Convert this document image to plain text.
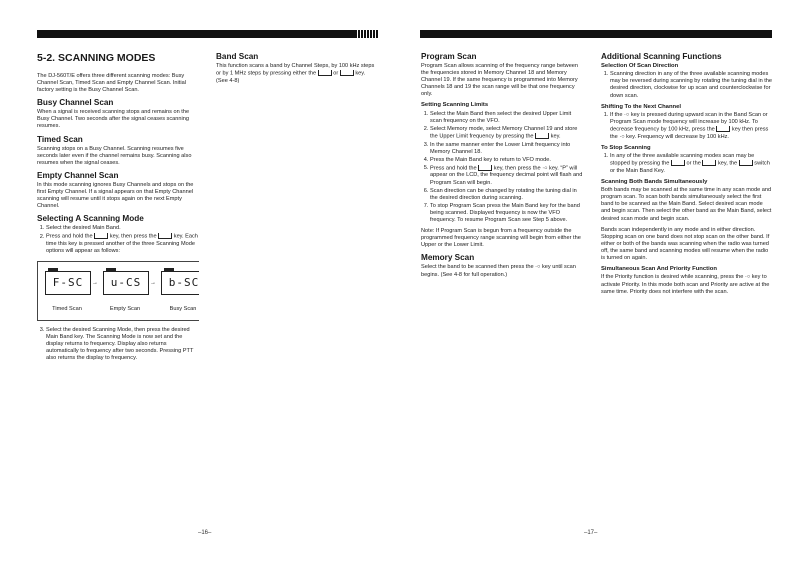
5-2. SCANNING MODES

The DJ-560T/E offers three different scanning modes: Busy Channel Scan, Timed Scan and Empty Channel Scan. Initial factory setting is the Busy Channel Scan.

Busy Channel Scan

When a signal is received scanning stops and remains on the Busy Channel. Two seconds after the signal ceases scanning resumes.

Timed Scan

Scanning stops on a Busy Channel. Scanning resumes five seconds later even if the channel remains busy. Scanning also resumes when the signal ceases.

Empty Channel Scan

In this mode scanning ignores Busy Channels and stops on the first Empty Channel. If a signal appears on that Empty Channel scanning will resume until it stops again on the next Empty Channel.

Selecting A Scanning Mode
1. Select the desired Main Band.
2. Press and hold the	key, then press the	key. Each time this key is pressed another of the three Scanning Mode options will appear as follows:
F-SC	→	u-CS	→	b-SC
Timed Scan	Empty Scan	Busy Scan
3. Select the desired Scanning Mode, then press the desired Main Band key. The Scanning Mode is now set and the display returns to frequency. Display also returns automatically to frequency after two seconds. Pressing PTT also returns the display to frequency.
Band Scan

This function scans a band by Channel Steps, by 100 kHz steps or by 1 MHz steps by pressing either the	or	key. (See 4-8)

–16–
Program Scan

Program Scan allows scanning of the frequency range between the frequencies stored in Memory Channel 18 and Memory Channel 19. If the same frequency is programmed into Memory Channels 18 and 19 the scan range will be that one frequency only.

Setting Scanning Limits
1. Select the Main Band then select the desired Upper Limit scan frequency on the VFO.
2. Select Memory mode, select Memory Channel 19 and store the Upper Limit frequency by pressing the	key.
3. In the same manner enter the Lower Limit frequency into Memory Channel 18.
4. Press the Main Band key to return to VFO mode.
5. Press and hold the	key, then press the ·○ key. “P” will appear on the LCD, the frequency decimal point will flash and Program Scan will begin.
6. Scan direction can be changed by rotating the tuning dial in the desired direction during scanning.
7. To stop Program Scan press the Main Band key for the band being scanned. Displayed frequency is now the VFO frequency. To resume Program Scan see Step 5 above.

Note: If Program Scan is begun from a frequency outside the programmed frequency range scanning will begin from either the Upper or the Lower Limit.

Memory Scan

Select the band to be scanned then press the ·○ key until scan begins. (See 4-8 for full operation.)

Additional Scanning Functions
Selection Of Scan Direction
1. Scanning direction in any of the three available scanning modes may be reversed during scanning by rotating the tuning dial in the desired direction, clockwise for up scan and counterclockwise for down scan.
Shifting To the Next Channel
1. If the ·○ key is pressed during upward scan in the Band Scan or Program Scan mode frequency will increase by 100 kHz. To decrease frequency by 100 kHz, press the	key then press the ·○ key. Frequency will decrease by 100 kHz.
To Stop Scanning
1. In any of the three available scanning modes scan may be stopped by pressing the	or the	key, the	switch or the Main Band Key.
Scanning Both Bands Simultaneously

Both bands may be scanned at the same time in any scan mode and program scan. To scan both bands simultaneously select the first band to be scanned as the Main Band. Select desired scan mode and begin scan. Then select the other band as the Main Band, select desired scan mode and begin scan.

Bands scan independently in any mode and in either direction. Stopping scan on one band does not stop scan on the other band. If either or both of the bands was scanning when the radio was turned off, the same band and scanning modes will resume when the radio is turned on again.

Simultaneous Scan And Priority Function

If the Priority function is desired while scanning, press the ·○ key to activate Priority. In this mode both scan and Priority are active at the same time. Priority does not interfere with the scan.

–17–
